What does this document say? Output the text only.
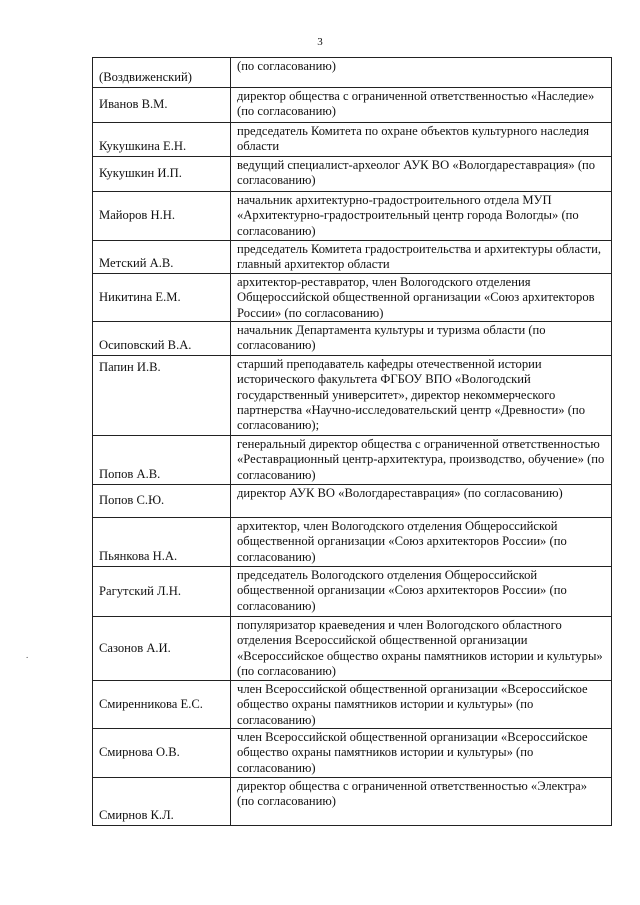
3
.
(Воздвиженский)	(по согласованию)
Иванов В.М.	директор общества с ограниченной ответственностью «Наследие» (по согласованию)
Кукушкина Е.Н.	председатель Комитета по охране объектов культурного наследия области
Кукушкин И.П.	ведущий специалист-археолог АУК ВО «Вологдареставрация» (по согласованию)
Майоров Н.Н.	начальник архитектурно-градостроительного отдела МУП «Архитектурно-градостроительный центр города Вологды» (по согласованию)
Метский А.В.	председатель Комитета градостроительства и архитектуры области, главный архитектор области
Никитина Е.М.	архитектор-реставратор, член Вологодского отделения Общероссийской общественной организации «Союз архитекторов России» (по согласованию)
Осиповский В.А.	начальник Департамента культуры и туризма области (по согласованию)
Папин И.В.	старший преподаватель кафедры отечественной истории исторического факультета ФГБОУ ВПО «Вологодский государственный университет», директор некоммерческого партнерства «Научно-исследовательский центр «Древности» (по согласованию);
Попов А.В.	генеральный директор общества с ограниченной ответственностью «Реставрационный центр-архитектура, производство, обучение» (по согласованию)
Попов С.Ю.	директор АУК ВО «Вологдареставрация» (по согласованию)
Пьянкова Н.А.	архитектор, член Вологодского отделения Общероссийской общественной организации «Союз архитекторов России» (по согласованию)
Рагутский Л.Н.	председатель Вологодского отделения Общероссийской общественной организации «Союз архитекторов России» (по согласованию)
Сазонов А.И.	популяризатор краеведения и член Вологодского областного отделения Всероссийской общественной организации «Всероссийское общество охраны памятников истории и культуры» (по согласованию)
Смиренникова Е.С.	член Всероссийской общественной организации «Всероссийское общество охраны памятников истории и культуры» (по согласованию)
Смирнова О.В.	член Всероссийской общественной организации «Всероссийское общество охраны памятников истории и культуры» (по согласованию)
Смирнов К.Л.	директор общества с ограниченной ответственностью «Электра» (по согласованию)
